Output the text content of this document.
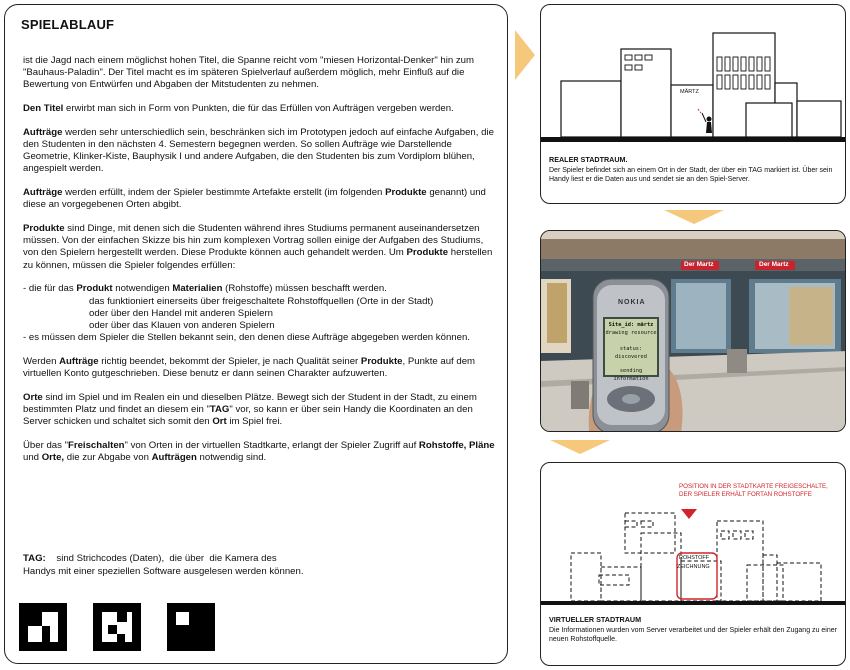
SPIELABLAUF

ist die Jagd nach einem möglichst hohen Titel, die Spanne reicht vom "miesen Horizontal-Denker" hin zum "Bauhaus-Paladin". Der Titel macht es im späteren Spielverlauf außerdem möglich, mehr Einfluß auf die Bewertung von Entwürfen und Abgaben der Mitstudenten zu nehmen.

Den Titel erwirbt man sich in Form von Punkten, die für das Erfüllen von Aufträgen vergeben werden.

Aufträge werden sehr unterschiedlich sein, beschränken sich im Prototypen jedoch auf einfache Aufgaben, die den Studenten in den nächsten 4. Semestern begegnen werden. So sollen Aufträge wie Darstellende Geometrie, Klinker-Kiste, Bauphysik I und andere Aufgaben, die den Studenten bis zum Vordiplom blühen, angespielt werden.

Aufträge werden erfüllt, indem der Spieler bestimmte Artefakte erstellt (im folgenden Produkte genannt) und diese an vorgegebenen Orten abgibt.

Produkte sind Dinge, mit denen sich die Studenten während ihres Studiums permanent auseinandersetzen müssen. Von der einfachen Skizze bis hin zum komplexen Vortrag sollen einige der Aufgaben des Studiums, von den Spielern hergestellt werden. Diese Produkte können auch gehandelt werden. Um Produkte herstellen zu können, müssen die Spieler folgendes erfüllen:

- die für das Produkt notwendigen Materialien (Rohstoffe) müssen beschafft werden.

das funktioniert einerseits über freigeschaltete Rohstoffquellen (Orte in der Stadt)
oder über den Handel mit anderen Spielern
oder über das Klauen von anderen Spielern
- es müssen dem Spieler die Stellen bekannt sein, den denen diese Aufträge abgegeben werden können.

Werden Aufträge richtig beendet, bekommt der Spieler, je nach Qualität seiner Produkte, Punkte auf dem virtuellen Konto gutgeschrieben. Diese benutz er dann seinen Charakter aufzuwerten.

Orte sind im Spiel und im Realen ein und dieselben Plätze. Bewegt sich der Student in der Stadt, zu einem bestimmten Platz und findet an diesem ein "TAG" vor, so kann er über sein Handy die Koordinaten an den Server schicken und schaltet sich somit den Ort im Spiel frei.

Über das "Freischalten" von Orten in der virtuellen Stadtkarte, erlangt der Spieler Zugriff auf Rohstoffe, Pläne und Orte, die zur Abgabe von Aufträgen notwendig sind.

TAG:    sind Strichcodes (Daten),  die über  die Kamera des
Handys mit einer speziellen Software ausgelesen werden können.
MÄRTZ
REALER STADTRAUM.
Der Spieler befindet sich an einem Ort in der Stadt, der über ein TAG markiert ist. Über sein Handy liest er die Daten aus und sendet sie an den Spiel-Server.
Der Martz	Der Martz
NOKIA
Site_id: märtz
drawing resource
status: discovered
sending information
POSITION IN DER STADTKARTE FREIGESCHALTE, DER SPIELER ERHÄLT FORTAN ROHSTOFFE
ROHSTOFF
ZEICHNUNG
VIRTUELLER STADTRAUM
Die Informationen wurden vom Server verarbeitet und der Spieler erhält den Zugang zu einer neuen Rohstoffquelle.
